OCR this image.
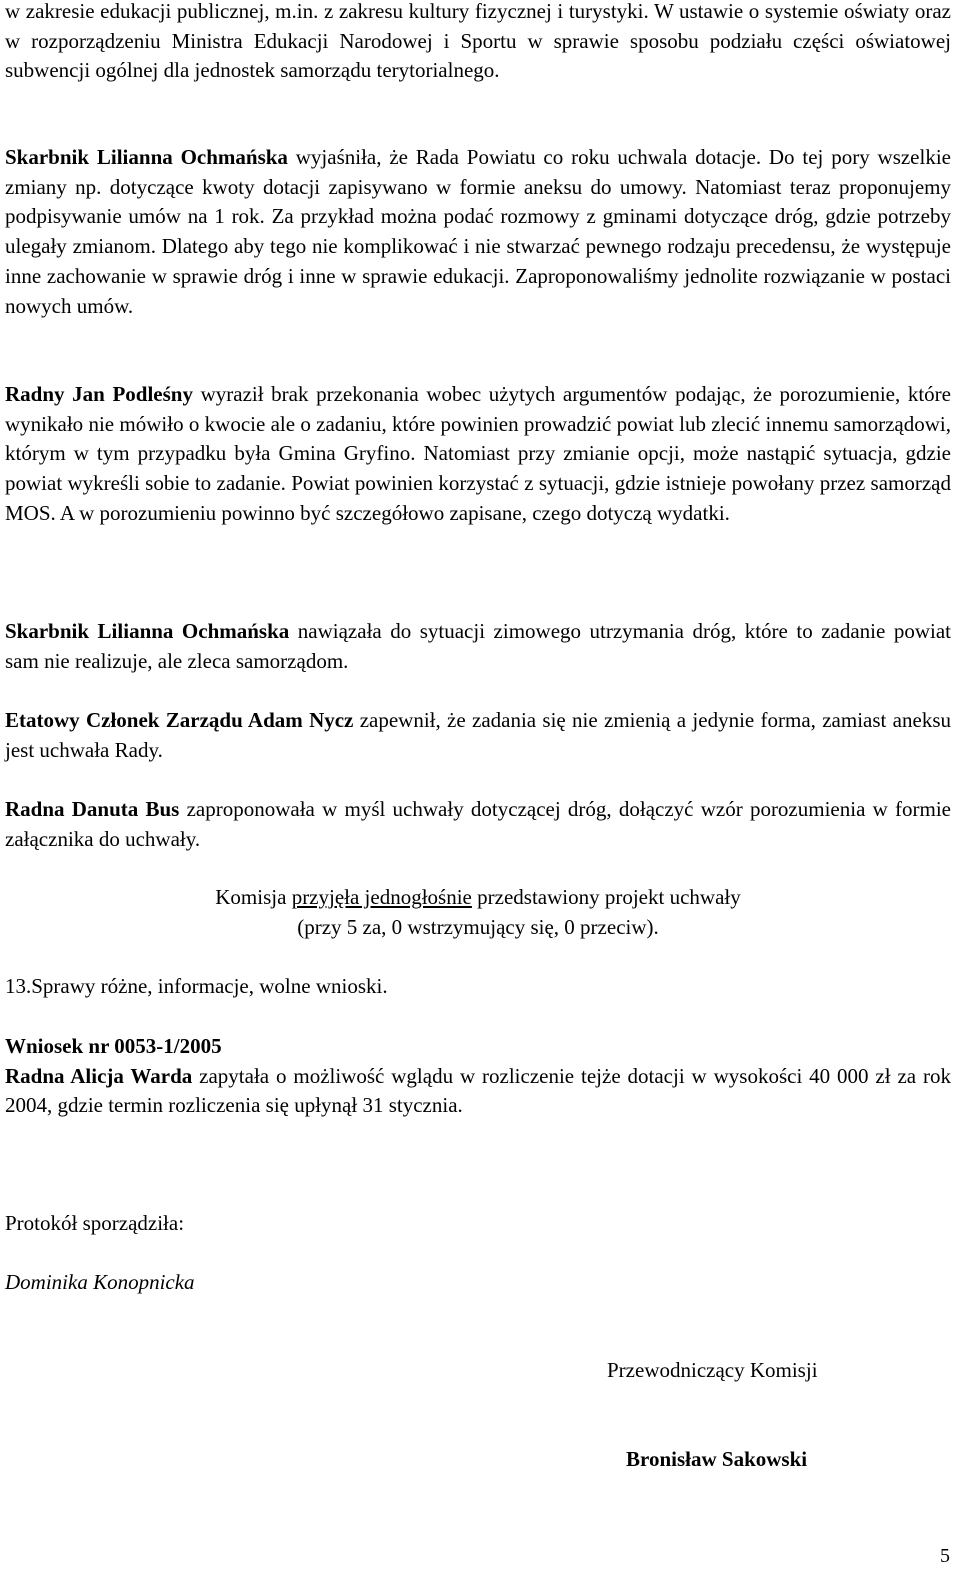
w zakresie edukacji publicznej, m.in. z zakresu kultury fizycznej i turystyki. W ustawie o systemie oświaty oraz w rozporządzeniu Ministra Edukacji Narodowej i Sportu w sprawie sposobu podziału części oświatowej subwencji ogólnej dla jednostek samorządu terytorialnego.

Skarbnik Lilianna Ochmańska wyjaśniła, że Rada Powiatu co roku uchwala dotacje. Do tej pory wszelkie zmiany np. dotyczące kwoty dotacji zapisywano w formie aneksu do umowy. Natomiast teraz proponujemy podpisywanie umów na 1 rok. Za przykład można podać rozmowy z gminami dotyczące dróg, gdzie potrzeby ulegały zmianom. Dlatego aby tego nie komplikować i nie stwarzać pewnego rodzaju precedensu, że występuje inne zachowanie w sprawie dróg i inne w sprawie edukacji. Zaproponowaliśmy jednolite rozwiązanie w postaci nowych umów.

Radny Jan Podleśny wyraził brak przekonania wobec użytych argumentów podając, że porozumienie, które wynikało nie mówiło o kwocie ale o zadaniu, które powinien prowadzić powiat lub zlecić innemu samorządowi, którym w tym przypadku była Gmina Gryfino. Natomiast przy zmianie opcji, może nastąpić sytuacja, gdzie powiat wykreśli sobie to zadanie. Powiat powinien korzystać z sytuacji, gdzie istnieje powołany przez samorząd MOS. A w porozumieniu powinno być szczegółowo zapisane, czego dotyczą wydatki.

Skarbnik Lilianna Ochmańska nawiązała do sytuacji zimowego utrzymania dróg, które to zadanie powiat sam nie realizuje, ale zleca samorządom.

Etatowy Członek Zarządu Adam Nycz zapewnił, że zadania się nie zmienią a jedynie forma, zamiast aneksu jest uchwała Rady.

Radna Danuta Bus zaproponowała w myśl uchwały dotyczącej dróg, dołączyć wzór porozumienia w formie załącznika do uchwały.

Komisja przyjęła jednogłośnie przedstawiony projekt uchwały

(przy 5 za, 0 wstrzymujący się, 0 przeciw).

13.Sprawy różne, informacje, wolne wnioski.

Wniosek nr 0053-1/2005

Radna Alicja Warda zapytała o możliwość wglądu w rozliczenie tejże dotacji w wysokości 40 000 zł za rok 2004, gdzie termin rozliczenia się upłynął 31 stycznia.

Protokół sporządziła:

Dominika Konopnicka

Przewodniczący Komisji

Bronisław Sakowski

5
